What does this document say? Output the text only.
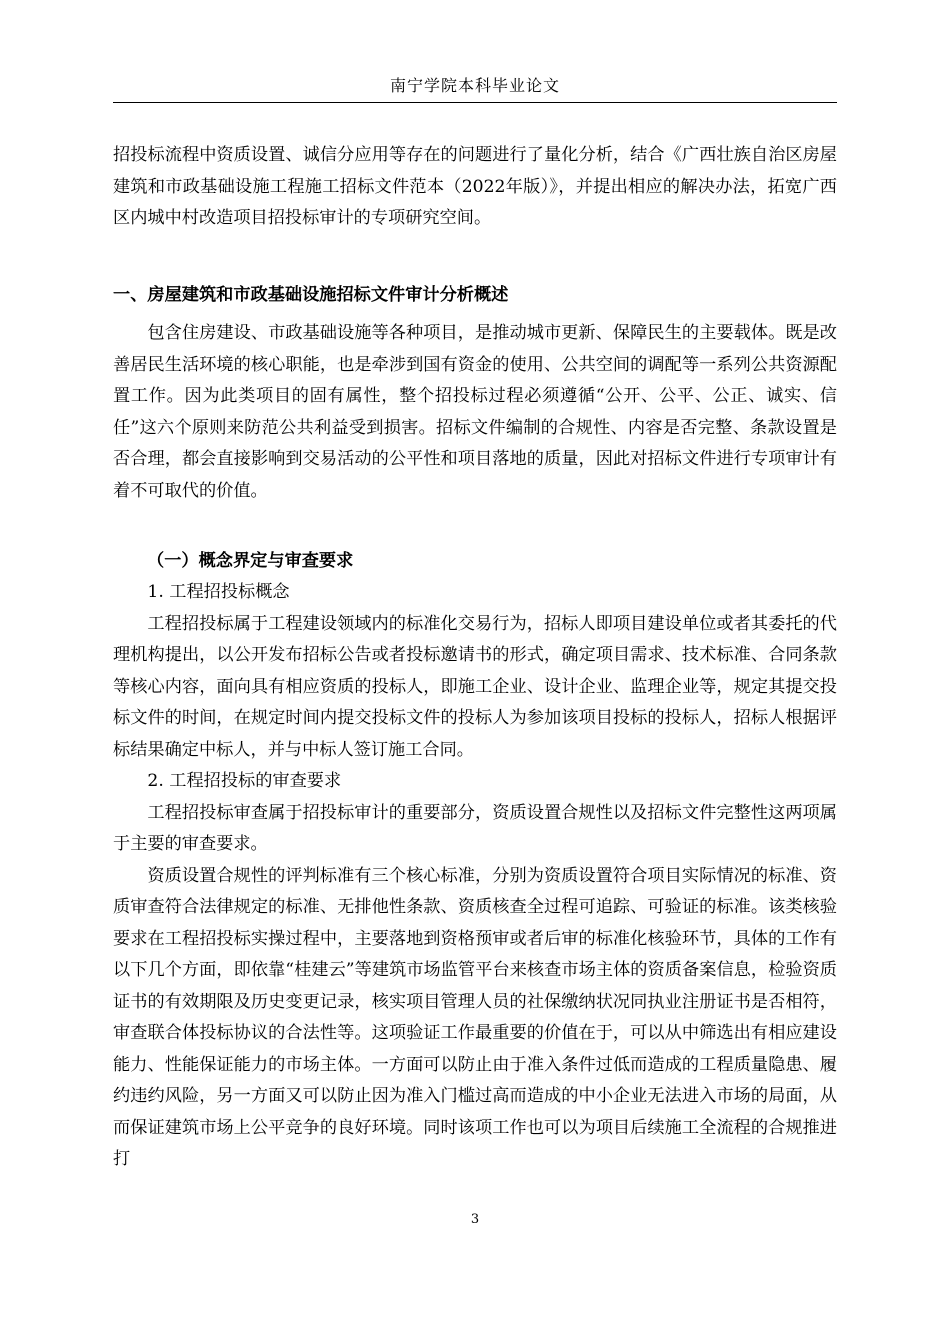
南宁学院本科毕业论文

招投标流程中资质设置、诚信分应用等存在的问题进行了量化分析，结合《广西壮族自治区房屋建筑和市政基础设施工程施工招标文件范本（2022年版）》，并提出相应的解决办法，拓宽广西区内城中村改造项目招投标审计的专项研究空间。

一、房屋建筑和市政基础设施招标文件审计分析概述

包含住房建设、市政基础设施等各种项目，是推动城市更新、保障民生的主要载体。既是改善居民生活环境的核心职能，也是牵涉到国有资金的使用、公共空间的调配等一系列公共资源配置工作。因为此类项目的固有属性，整个招投标过程必须遵循“公开、公平、公正、诚实、信任”这六个原则来防范公共利益受到损害。招标文件编制的合规性、内容是否完整、条款设置是否合理，都会直接影响到交易活动的公平性和项目落地的质量，因此对招标文件进行专项审计有着不可取代的价值。

（一）概念界定与审查要求

1. 工程招投标概念

工程招投标属于工程建设领域内的标准化交易行为，招标人即项目建设单位或者其委托的代理机构提出，以公开发布招标公告或者投标邀请书的形式，确定项目需求、技术标准、合同条款等核心内容，面向具有相应资质的投标人，即施工企业、设计企业、监理企业等，规定其提交投标文件的时间，在规定时间内提交投标文件的投标人为参加该项目投标的投标人，招标人根据评标结果确定中标人，并与中标人签订施工合同。

2. 工程招投标的审查要求

工程招投标审查属于招投标审计的重要部分，资质设置合规性以及招标文件完整性这两项属于主要的审查要求。

资质设置合规性的评判标准有三个核心标准，分别为资质设置符合项目实际情况的标准、资质审查符合法律规定的标准、无排他性条款、资质核查全过程可追踪、可验证的标准。该类核验要求在工程招投标实操过程中，主要落地到资格预审或者后审的标准化核验环节，具体的工作有以下几个方面，即依靠“桂建云”等建筑市场监管平台来核查市场主体的资质备案信息，检验资质证书的有效期限及历史变更记录，核实项目管理人员的社保缴纳状况同执业注册证书是否相符，审查联合体投标协议的合法性等。这项验证工作最重要的价值在于，可以从中筛选出有相应建设能力、性能保证能力的市场主体。一方面可以防止由于准入条件过低而造成的工程质量隐患、履约违约风险，另一方面又可以防止因为准入门槛过高而造成的中小企业无法进入市场的局面，从而保证建筑市场上公平竞争的良好环境。同时该项工作也可以为项目后续施工全流程的合规推进打

3
